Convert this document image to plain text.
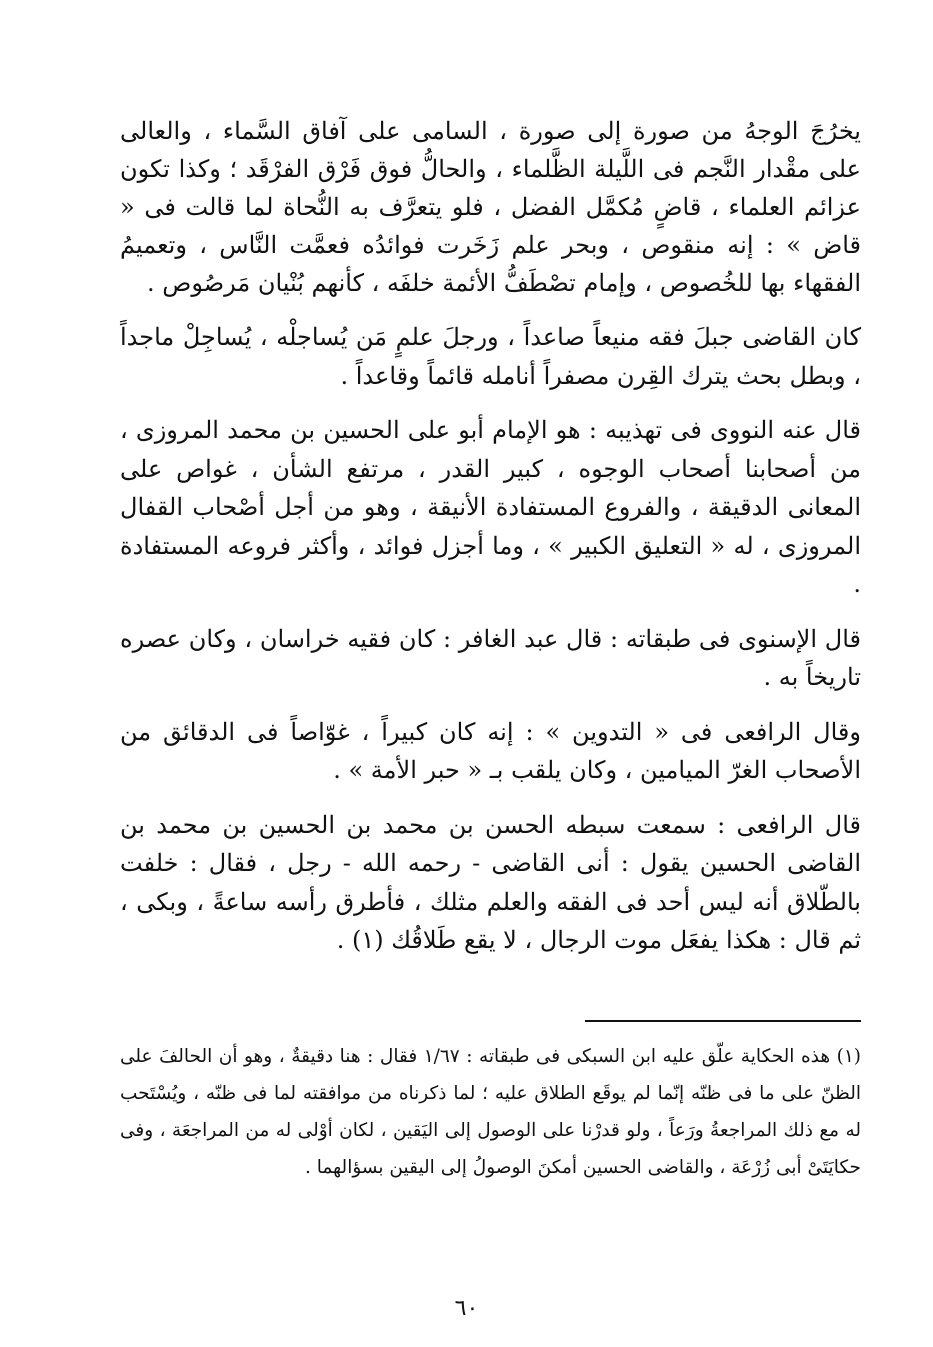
يخرُجَ الوجهُ من صورة إلى صورة ، السامى على آفاق السَّماء ، والعالى على مقْدار النَّجم فى اللَّيلة الظَّلماء ، والحالُّ فوق فَرْق الفرْقَد ؛ وكذا تكون عزائم العلماء ، قاضٍ مُكمَّل الفضل ، فلو يتعرَّف به النُّحاة لما قالت فى « قاض » : إنه منقوص ، وبحر علم زَخَرت فوائدُه فعمَّت النَّاس ، وتعميمُ الفقهاء بها للخُصوص ، وإمام تصْطَفُّ الأئمة خلفَه ، كأنهم بُنْيان مَرصُوص .

كان القاضى جبلَ فقه منيعاً صاعداً ، ورجلَ علمٍ مَن يُساجلْه ، يُساجِلْ ماجداً ، وبطل بحث يترك القِرن مصفراً أنامله قائماً وقاعداً .

قال عنه النووى فى تهذيبه : هو الإمام أبو على الحسين بن محمد المروزى ، من أصحابنا أصحاب الوجوه ، كبير القدر ، مرتفع الشأن ، غواص على المعانى الدقيقة ، والفروع المستفادة الأنيقة ، وهو من أجل أصْحاب القفال المروزى ، له « التعليق الكبير » ، وما أجزل فوائد ، وأكثر فروعه المستفادة .

قال الإسنوى فى طبقاته : قال عبد الغافر : كان فقيه خراسان ، وكان عصره تاريخاً به .

وقال الرافعى فى « التدوين » : إنه كان كبيراً ، غوّاصاً فى الدقائق من الأصحاب الغرّ الميامين ، وكان يلقب بـ « حبر الأمة » .

قال الرافعى : سمعت سبطه الحسن بن محمد بن الحسين بن محمد بن القاضى الحسين يقول : أنى القاضى - رحمه الله - رجل ، فقال : خلفت بالطّلاق أنه ليس أحد فى الفقه والعلم مثلك ، فأطرق رأسه ساعةً ، وبكى ، ثم قال : هكذا يفعَل موت الرجال ، لا يقع طَلاقُك (١) .

(١) هذه الحكاية علّق عليه ابن السبكى فى طبقاته : ١/٦٧ فقال : هنا دقيقةٌ ، وهو أن الحالفَ على الظنّ على ما فى ظنّه إنّما لم يوقَع الطلاق عليه ؛ لما ذكرناه من موافقته لما فى ظنّه ، ويُسْتَحب له مع ذلك المراجعةُ ورَعاً ، ولو قدرْنا على الوصول إلى اليَقين ، لكان أوْلى له من المراجعَة ، وفى حكايَتَىْ أبى زُرْعَة ، والقاضى الحسين أمكنَ الوصولُ إلى اليقين بسؤالهما .

٦٠
